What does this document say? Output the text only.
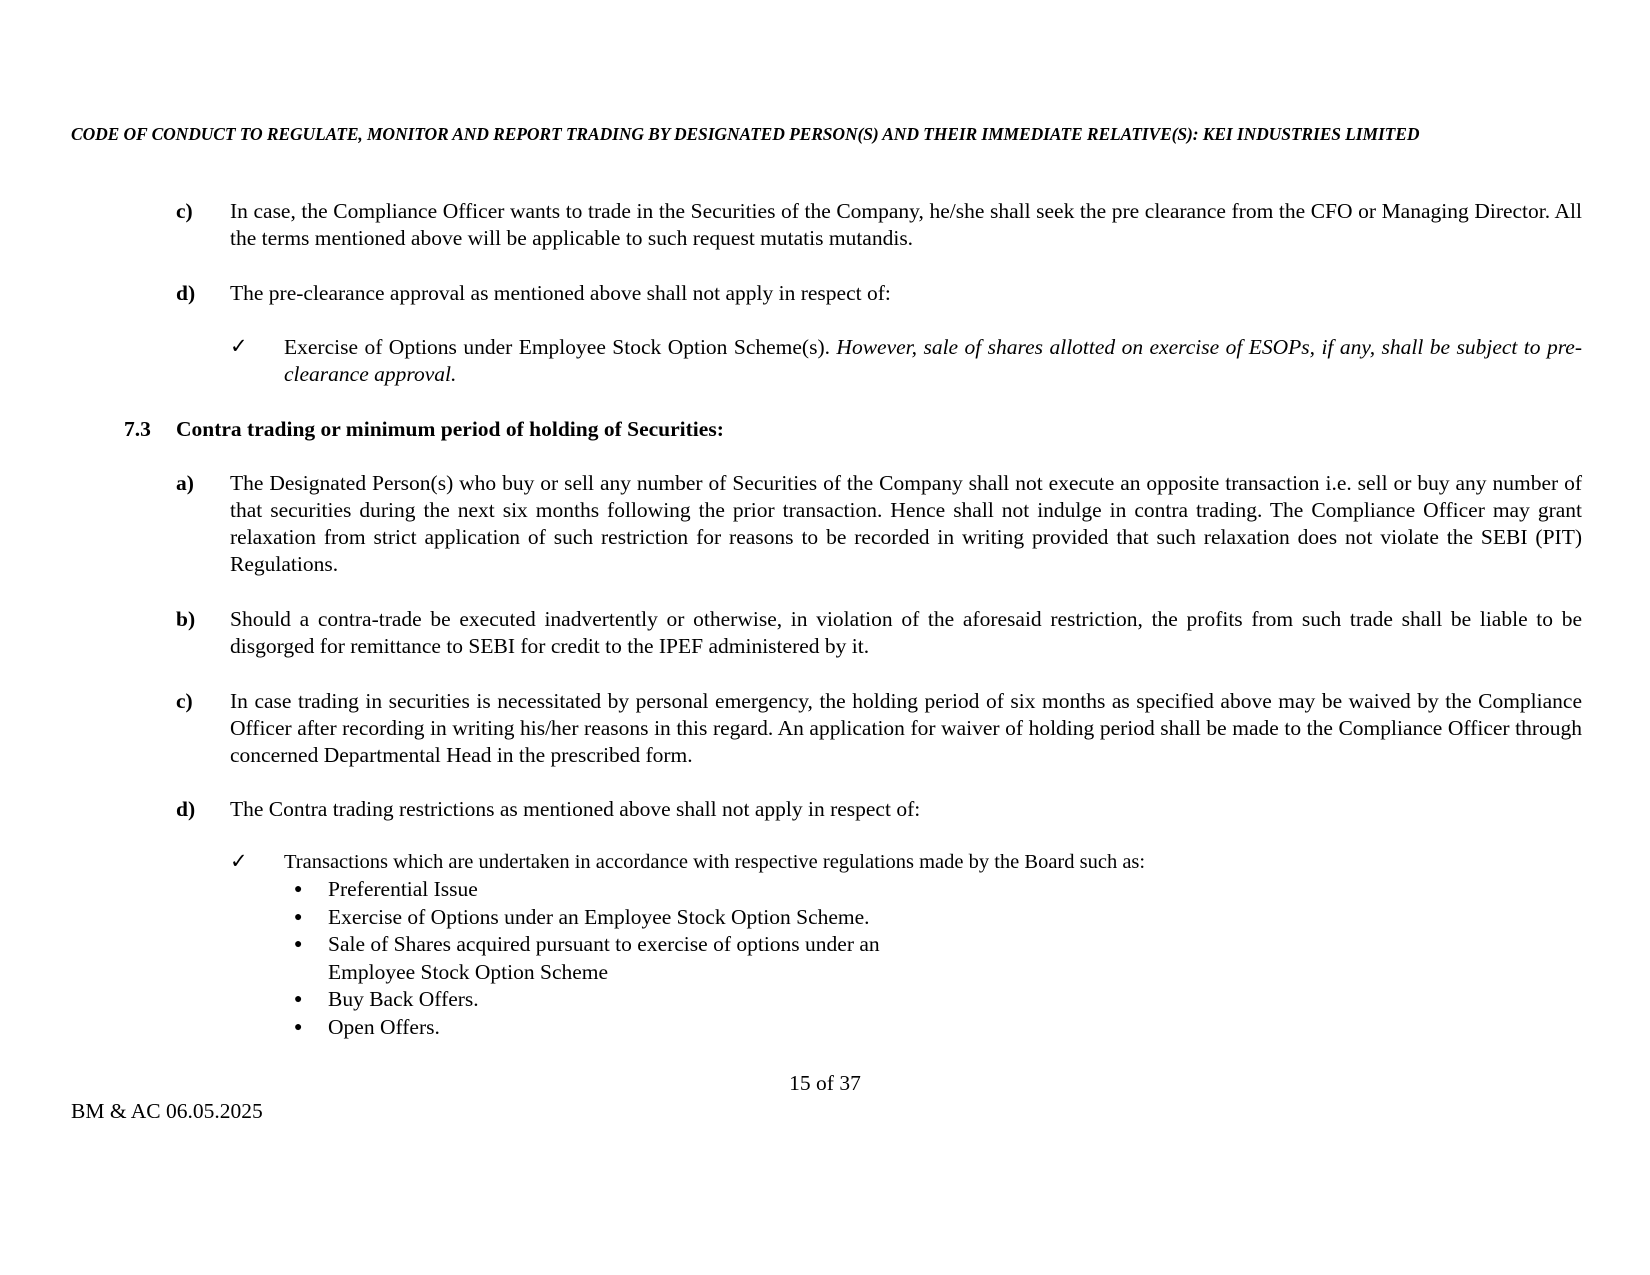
CODE OF CONDUCT TO REGULATE, MONITOR AND REPORT TRADING BY DESIGNATED PERSON(S) AND THEIR IMMEDIATE RELATIVE(S): KEI INDUSTRIES LIMITED
c) In case, the Compliance Officer wants to trade in the Securities of the Company, he/she shall seek the pre clearance from the CFO or Managing Director. All the terms mentioned above will be applicable to such request mutatis mutandis.
d) The pre-clearance approval as mentioned above shall not apply in respect of:
✓ Exercise of Options under Employee Stock Option Scheme(s). However, sale of shares allotted on exercise of ESOPs, if any, shall be subject to pre-clearance approval.
7.3 Contra trading or minimum period of holding of Securities:
a) The Designated Person(s) who buy or sell any number of Securities of the Company shall not execute an opposite transaction i.e. sell or buy any number of that securities during the next six months following the prior transaction. Hence shall not indulge in contra trading. The Compliance Officer may grant relaxation from strict application of such restriction for reasons to be recorded in writing provided that such relaxation does not violate the SEBI (PIT) Regulations.
b) Should a contra-trade be executed inadvertently or otherwise, in violation of the aforesaid restriction, the profits from such trade shall be liable to be disgorged for remittance to SEBI for credit to the IPEF administered by it.
c) In case trading in securities is necessitated by personal emergency, the holding period of six months as specified above may be waived by the Compliance Officer after recording in writing his/her reasons in this regard. An application for waiver of holding period shall be made to the Compliance Officer through concerned Departmental Head in the prescribed form.
d) The Contra trading restrictions as mentioned above shall not apply in respect of:
✓ Transactions which are undertaken in accordance with respective regulations made by the Board such as:
● Preferential Issue
● Exercise of Options under an Employee Stock Option Scheme.
● Sale of Shares acquired pursuant to exercise of options under an Employee Stock Option Scheme
● Buy Back Offers.
● Open Offers.
15 of 37
BM & AC 06.05.2025
